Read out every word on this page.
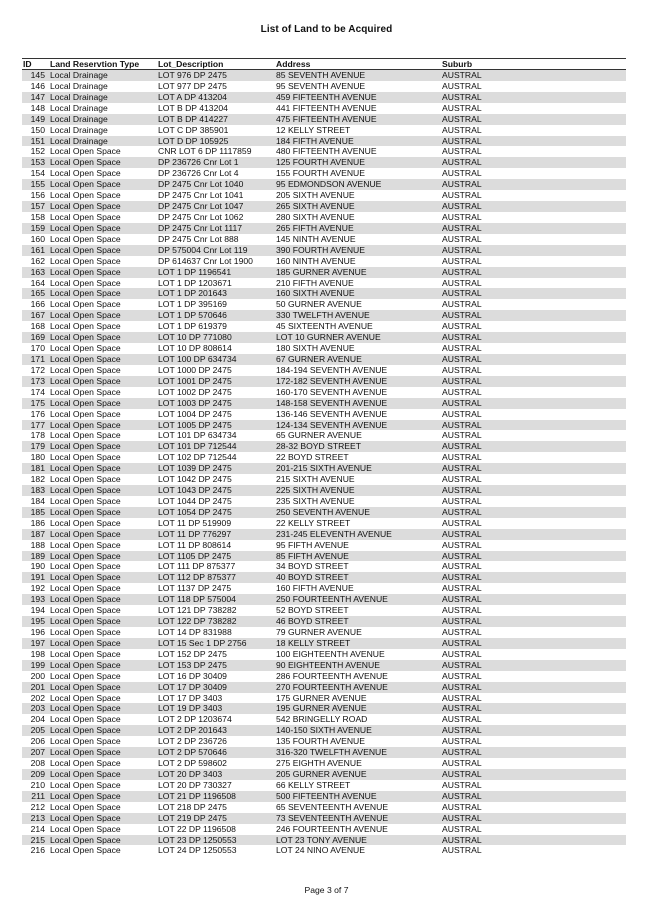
List of Land to be Acquired
ID	Land Reservtion Type	Lot_Description	Address	Suburb
145	Local Drainage	LOT 976 DP 2475	85 SEVENTH AVENUE	AUSTRAL
146	Local Drainage	LOT 977 DP 2475	95 SEVENTH AVENUE	AUSTRAL
147	Local Drainage	LOT A DP 413204	459 FIFTEENTH AVENUE	AUSTRAL
148	Local Drainage	LOT B DP 413204	441 FIFTEENTH AVENUE	AUSTRAL
149	Local Drainage	LOT B DP 414227	475 FIFTEENTH AVENUE	AUSTRAL
150	Local Drainage	LOT C DP 385901	12 KELLY STREET	AUSTRAL
151	Local Drainage	LOT D DP 105925	184 FIFTH AVENUE	AUSTRAL
152	Local Open Space	CNR LOT 6 DP 1117859	480 FIFTEENTH AVENUE	AUSTRAL
153	Local Open Space	DP 236726 Cnr Lot 1	125 FOURTH AVENUE	AUSTRAL
154	Local Open Space	DP 236726 Cnr Lot 4	155 FOURTH AVENUE	AUSTRAL
155	Local Open Space	DP 2475 Cnr Lot 1040	95 EDMONDSON AVENUE	AUSTRAL
156	Local Open Space	DP 2475 Cnr Lot 1041	205 SIXTH AVENUE	AUSTRAL
157	Local Open Space	DP 2475 Cnr Lot 1047	265 SIXTH AVENUE	AUSTRAL
158	Local Open Space	DP 2475 Cnr Lot 1062	280 SIXTH AVENUE	AUSTRAL
159	Local Open Space	DP 2475 Cnr Lot 1117	265 FIFTH AVENUE	AUSTRAL
160	Local Open Space	DP 2475 Cnr Lot 888	145 NINTH AVENUE	AUSTRAL
161	Local Open Space	DP 575004 Cnr Lot 119	390 FOURTH AVENUE	AUSTRAL
162	Local Open Space	DP 614637 Cnr Lot 1900	160 NINTH AVENUE	AUSTRAL
163	Local Open Space	LOT 1 DP 1196541	185 GURNER AVENUE	AUSTRAL
164	Local Open Space	LOT 1 DP 1203671	210 FIFTH AVENUE	AUSTRAL
165	Local Open Space	LOT 1 DP 201643	160 SIXTH AVENUE	AUSTRAL
166	Local Open Space	LOT 1 DP 395169	50 GURNER AVENUE	AUSTRAL
167	Local Open Space	LOT 1 DP 570646	330 TWELFTH AVENUE	AUSTRAL
168	Local Open Space	LOT 1 DP 619379	45 SIXTEENTH AVENUE	AUSTRAL
169	Local Open Space	LOT 10 DP 771080	LOT 10 GURNER AVENUE	AUSTRAL
170	Local Open Space	LOT 10 DP 808614	180 SIXTH AVENUE	AUSTRAL
171	Local Open Space	LOT 100 DP 634734	67 GURNER AVENUE	AUSTRAL
172	Local Open Space	LOT 1000 DP 2475	184-194 SEVENTH AVENUE	AUSTRAL
173	Local Open Space	LOT 1001 DP 2475	172-182 SEVENTH AVENUE	AUSTRAL
174	Local Open Space	LOT 1002 DP 2475	160-170 SEVENTH AVENUE	AUSTRAL
175	Local Open Space	LOT 1003 DP 2475	148-158 SEVENTH AVENUE	AUSTRAL
176	Local Open Space	LOT 1004 DP 2475	136-146 SEVENTH AVENUE	AUSTRAL
177	Local Open Space	LOT 1005 DP 2475	124-134 SEVENTH AVENUE	AUSTRAL
178	Local Open Space	LOT 101 DP 634734	65 GURNER AVENUE	AUSTRAL
179	Local Open Space	LOT 101 DP 712544	28-32 BOYD STREET	AUSTRAL
180	Local Open Space	LOT 102 DP 712544	22 BOYD STREET	AUSTRAL
181	Local Open Space	LOT 1039 DP 2475	201-215 SIXTH AVENUE	AUSTRAL
182	Local Open Space	LOT 1042 DP 2475	215 SIXTH AVENUE	AUSTRAL
183	Local Open Space	LOT 1043 DP 2475	225 SIXTH AVENUE	AUSTRAL
184	Local Open Space	LOT 1044 DP 2475	235 SIXTH AVENUE	AUSTRAL
185	Local Open Space	LOT 1054 DP 2475	250 SEVENTH AVENUE	AUSTRAL
186	Local Open Space	LOT 11 DP 519909	22 KELLY STREET	AUSTRAL
187	Local Open Space	LOT 11 DP 776297	231-245 ELEVENTH AVENUE	AUSTRAL
188	Local Open Space	LOT 11 DP 808614	95 FIFTH AVENUE	AUSTRAL
189	Local Open Space	LOT 1105 DP 2475	85 FIFTH AVENUE	AUSTRAL
190	Local Open Space	LOT 111 DP 875377	34 BOYD STREET	AUSTRAL
191	Local Open Space	LOT 112 DP 875377	40 BOYD STREET	AUSTRAL
192	Local Open Space	LOT 1137 DP 2475	160 FIFTH AVENUE	AUSTRAL
193	Local Open Space	LOT 118 DP 575004	250 FOURTEENTH AVENUE	AUSTRAL
194	Local Open Space	LOT 121 DP 738282	52 BOYD STREET	AUSTRAL
195	Local Open Space	LOT 122 DP 738282	46 BOYD STREET	AUSTRAL
196	Local Open Space	LOT 14 DP 831988	79 GURNER AVENUE	AUSTRAL
197	Local Open Space	LOT 15 Sec 1 DP 2756	18 KELLY STREET	AUSTRAL
198	Local Open Space	LOT 152 DP 2475	100 EIGHTEENTH AVENUE	AUSTRAL
199	Local Open Space	LOT 153 DP 2475	90 EIGHTEENTH AVENUE	AUSTRAL
200	Local Open Space	LOT 16 DP 30409	286 FOURTEENTH AVENUE	AUSTRAL
201	Local Open Space	LOT 17 DP 30409	270 FOURTEENTH AVENUE	AUSTRAL
202	Local Open Space	LOT 17 DP 3403	175 GURNER AVENUE	AUSTRAL
203	Local Open Space	LOT 19 DP 3403	195 GURNER AVENUE	AUSTRAL
204	Local Open Space	LOT 2 DP 1203674	542 BRINGELLY ROAD	AUSTRAL
205	Local Open Space	LOT 2 DP 201643	140-150 SIXTH AVENUE	AUSTRAL
206	Local Open Space	LOT 2 DP 236726	135 FOURTH AVENUE	AUSTRAL
207	Local Open Space	LOT 2 DP 570646	316-320 TWELFTH AVENUE	AUSTRAL
208	Local Open Space	LOT 2 DP 598602	275 EIGHTH AVENUE	AUSTRAL
209	Local Open Space	LOT 20 DP 3403	205 GURNER AVENUE	AUSTRAL
210	Local Open Space	LOT 20 DP 730327	66 KELLY STREET	AUSTRAL
211	Local Open Space	LOT 21 DP 1196508	500 FIFTEENTH AVENUE	AUSTRAL
212	Local Open Space	LOT 218 DP 2475	65 SEVENTEENTH AVENUE	AUSTRAL
213	Local Open Space	LOT 219 DP 2475	73 SEVENTEENTH AVENUE	AUSTRAL
214	Local Open Space	LOT 22 DP 1196508	246 FOURTEENTH AVENUE	AUSTRAL
215	Local Open Space	LOT 23 DP 1250553	LOT 23 TONY AVENUE	AUSTRAL
216	Local Open Space	LOT 24 DP 1250553	LOT 24 NINO AVENUE	AUSTRAL
Page 3 of 7
